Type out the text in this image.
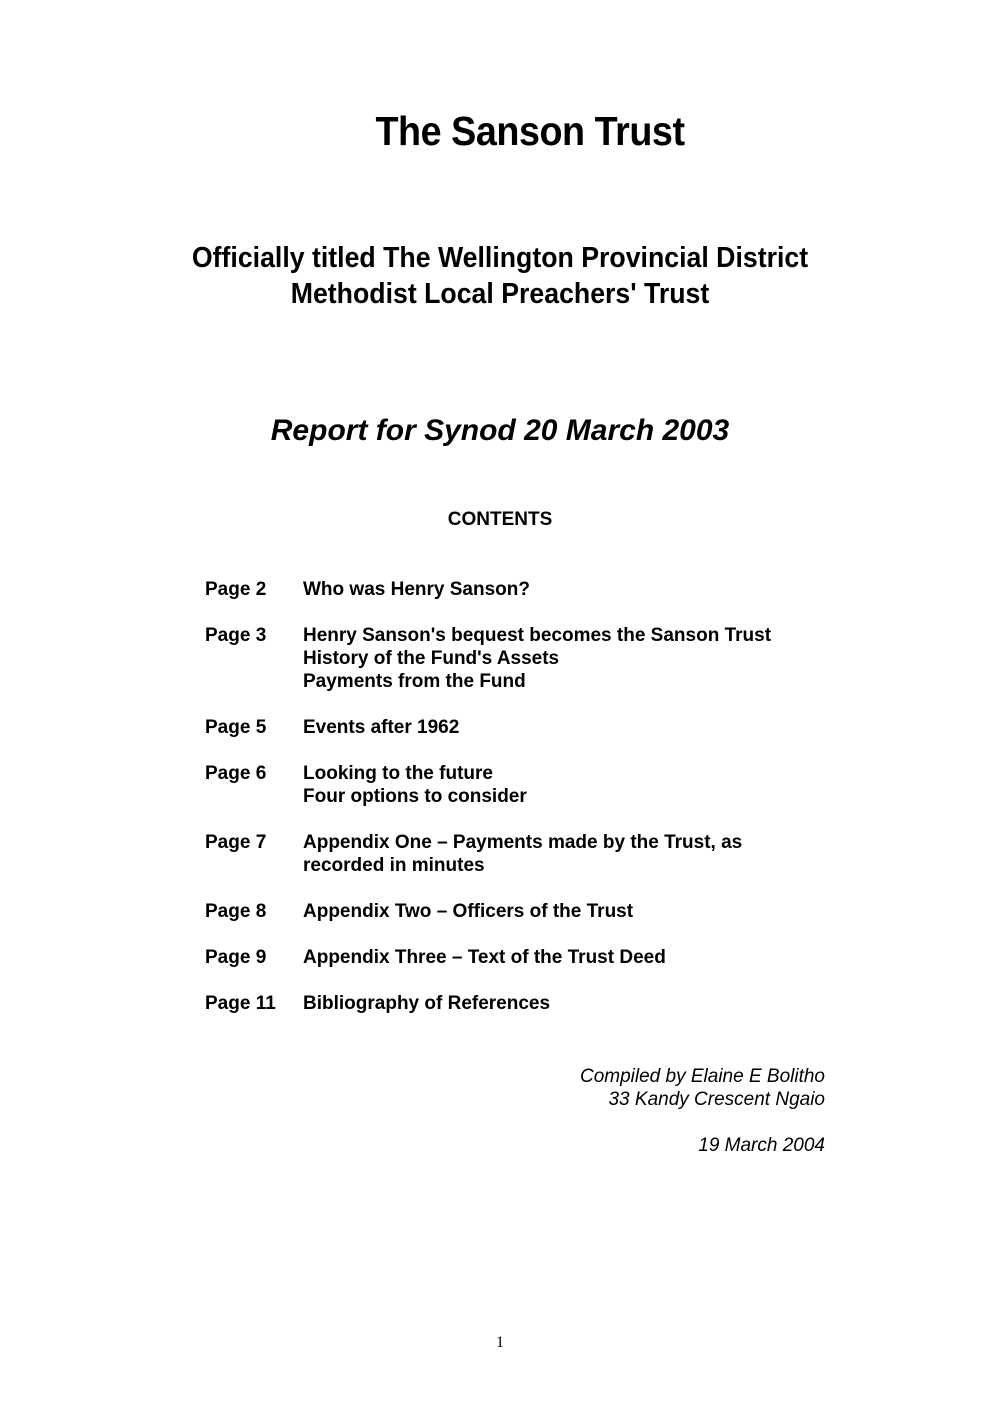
The Sanson Trust
Officially titled The Wellington Provincial District
Methodist Local Preachers' Trust
Report for Synod 20 March 2003
CONTENTS
Page 2	Who was Henry Sanson?
Page 3	Henry Sanson's bequest becomes the Sanson Trust
History of the Fund's Assets
Payments from the Fund
Page 5	Events after 1962
Page 6	Looking to the future
Four options to consider
Page 7	Appendix One – Payments made by the Trust, as
recorded in minutes
Page 8	Appendix Two – Officers of the Trust
Page 9	Appendix Three – Text of the Trust Deed
Page 11	Bibliography of References
Compiled by Elaine E Bolitho
33 Kandy Crescent Ngaio
19 March 2004
1
